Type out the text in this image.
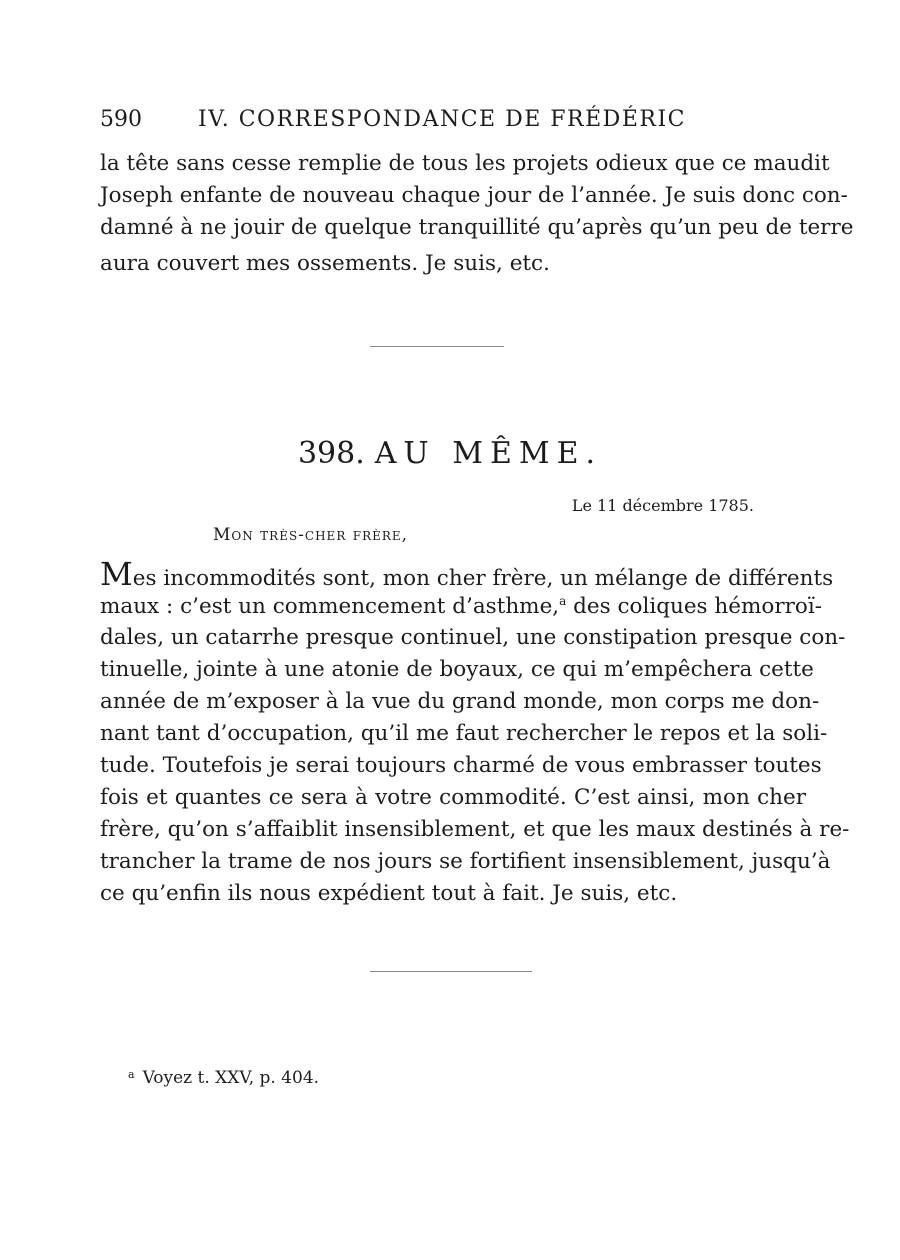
590	IV. CORRESPONDANCE DE FRÉDÉRIC
la tête sans cesse remplie de tous les projets odieux que ce maudit
Joseph enfante de nouveau chaque jour de l’année. Je suis donc con-
damné à ne jouir de quelque tranquillité qu’après qu’un peu de terre
aura couvert mes ossements. Je suis, etc.
398. AU MÊME.
Le 11 décembre 1785.
Mon très-cher frère,
Mes incommodités sont, mon cher frère, un mélange de différents
maux : c’est un commencement d’asthme,$^a$ des coliques hémorroï-
dales, un catarrhe presque continuel, une constipation presque con-
tinuelle, jointe à une atonie de boyaux, ce qui m’empêchera cette
année de m’exposer à la vue du grand monde, mon corps me don-
nant tant d’occupation, qu’il me faut rechercher le repos et la soli-
tude. Toutefois je serai toujours charmé de vous embrasser toutes
fois et quantes ce sera à votre commodité. C’est ainsi, mon cher
frère, qu’on s’affaiblit insensiblement, et que les maux destinés à re-
trancher la trame de nos jours se fortifient insensiblement, jusqu’à
ce qu’enfin ils nous expédient tout à fait. Je suis, etc.
$^a$ Voyez t. XXV, p. 404.
